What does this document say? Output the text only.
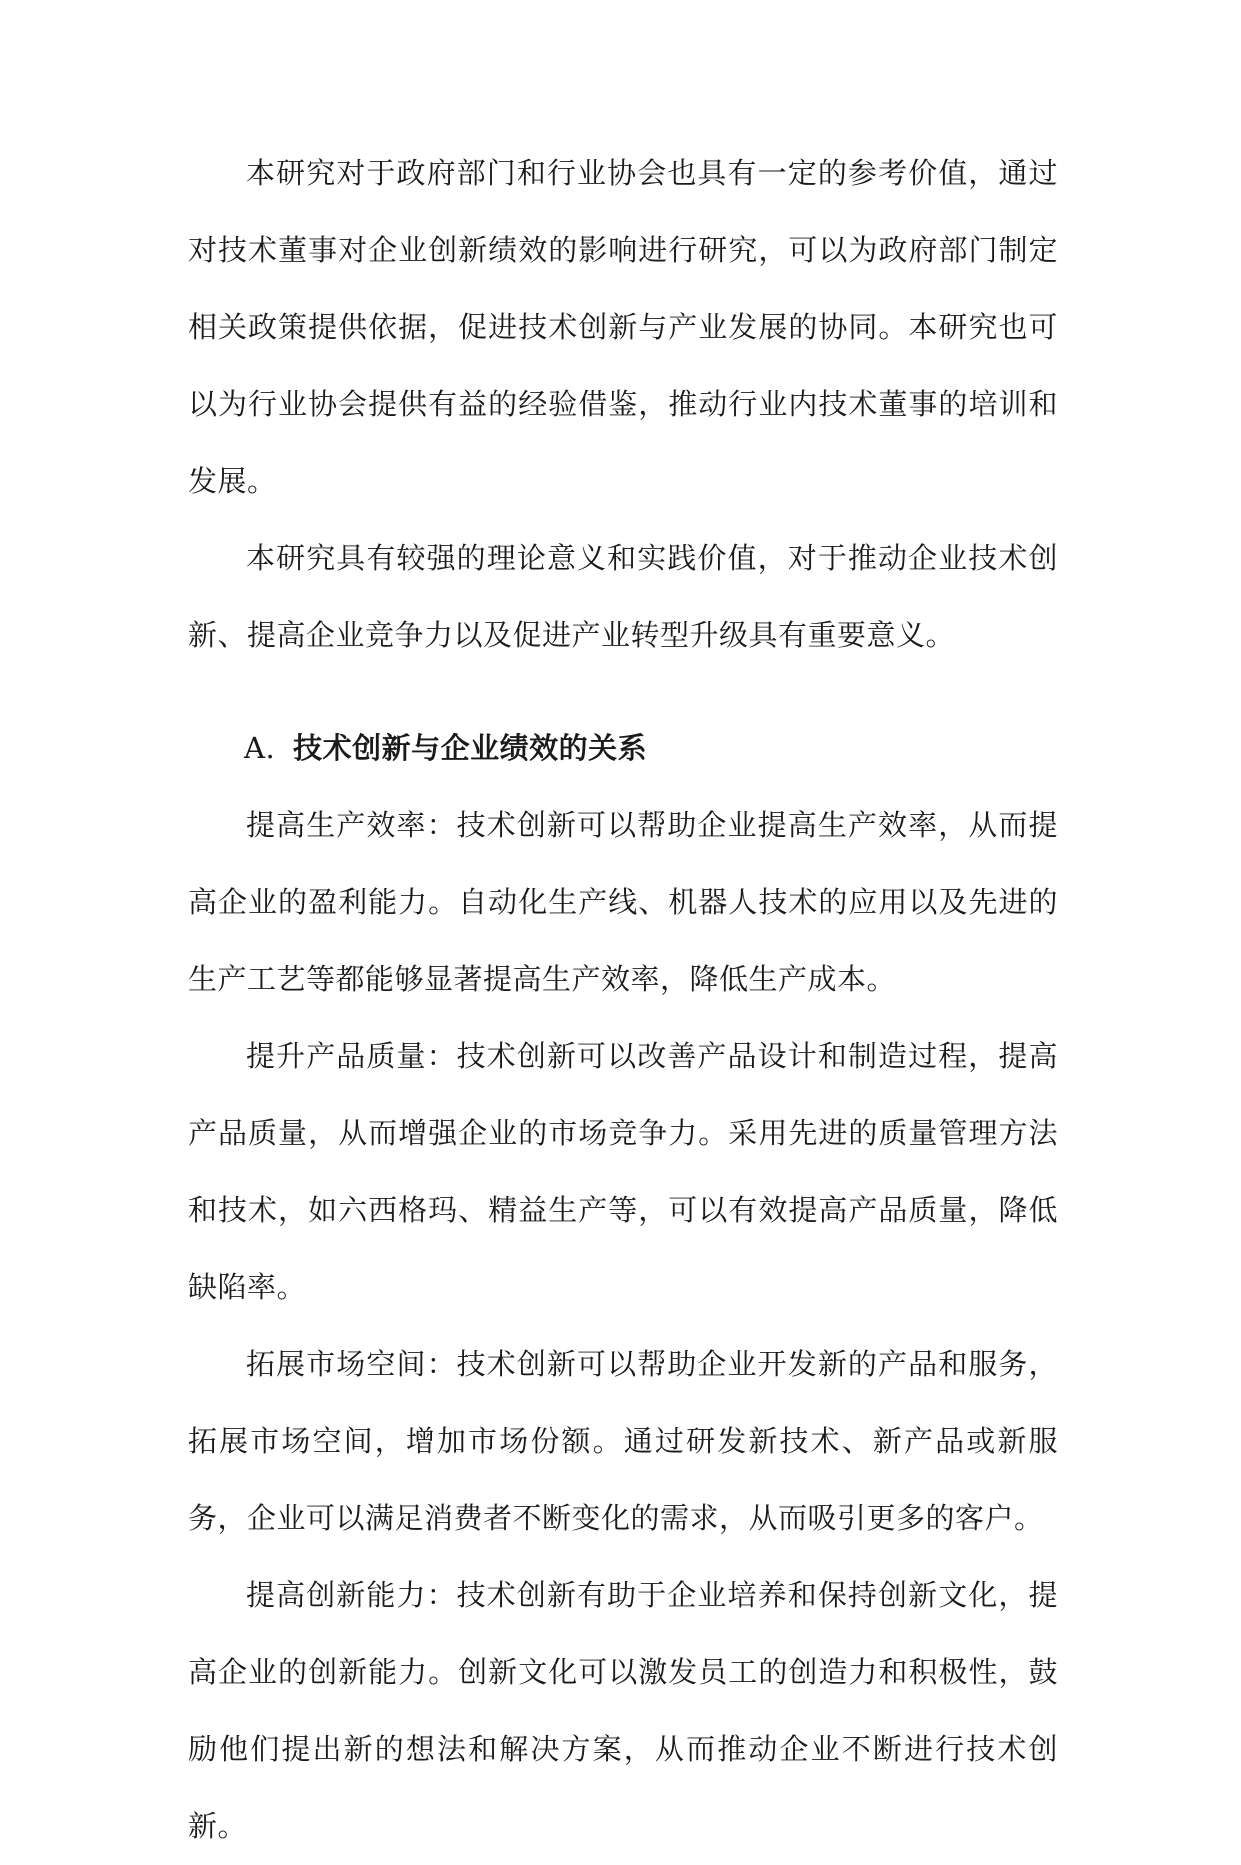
本研究对于政府部门和行业协会也具有一定的参考价值，通过对技术董事对企业创新绩效的影响进行研究，可以为政府部门制定相关政策提供依据，促进技术创新与产业发展的协同。本研究也可以为行业协会提供有益的经验借鉴，推动行业内技术董事的培训和发展。

本研究具有较强的理论意义和实践价值，对于推动企业技术创新、提高企业竞争力以及促进产业转型升级具有重要意义。

A. 技术创新与企业绩效的关系

提高生产效率：技术创新可以帮助企业提高生产效率，从而提高企业的盈利能力。自动化生产线、机器人技术的应用以及先进的生产工艺等都能够显著提高生产效率，降低生产成本。

提升产品质量：技术创新可以改善产品设计和制造过程，提高产品质量，从而增强企业的市场竞争力。采用先进的质量管理方法和技术，如六西格玛、精益生产等，可以有效提高产品质量，降低缺陷率。

拓展市场空间：技术创新可以帮助企业开发新的产品和服务，拓展市场空间，增加市场份额。通过研发新技术、新产品或新服务，企业可以满足消费者不断变化的需求，从而吸引更多的客户。

提高创新能力：技术创新有助于企业培养和保持创新文化，提高企业的创新能力。创新文化可以激发员工的创造力和积极性，鼓励他们提出新的想法和解决方案，从而推动企业不断进行技术创新。
